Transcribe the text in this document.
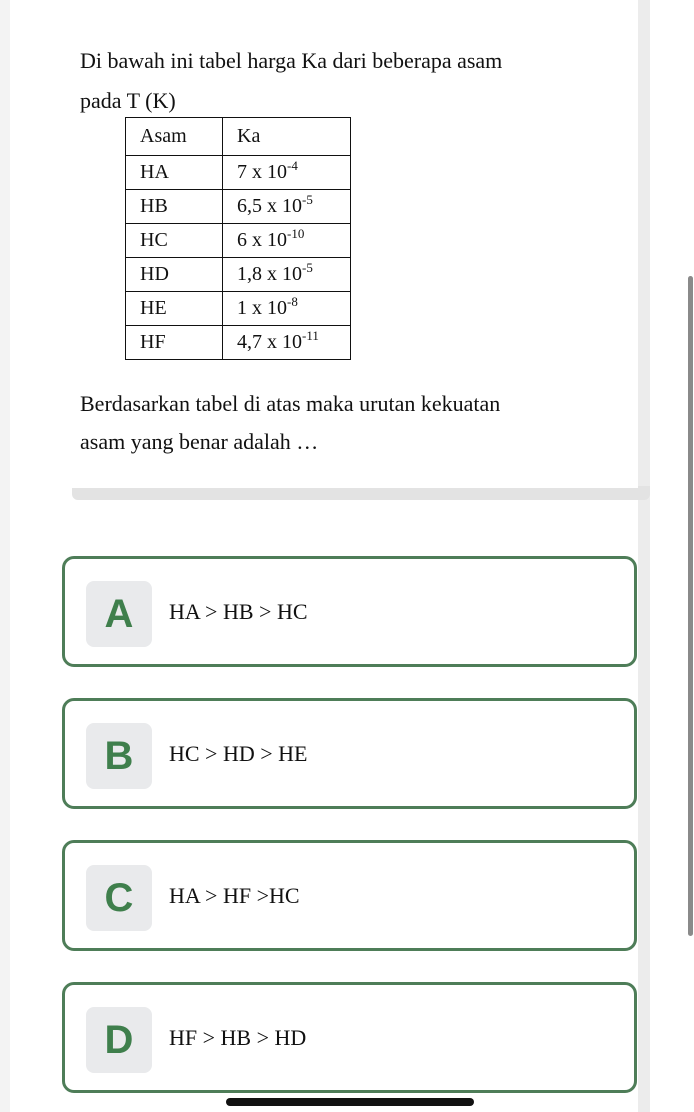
Di bawah ini tabel harga Ka dari beberapa asam
pada T (K)
Asam	Ka
HA	7 x $10^{-4}$
HB	6,5 x $10^{-5}$
HC	6 x $10^{-10}$
HD	1,8 x $10^{-5}$
HE	1 x $10^{-8}$
HF	4,7 x $10^{-11}$
Berdasarkan tabel di atas maka urutan kekuatan
asam yang benar adalah …
A	HA > HB > HC
B	HC > HD > HE
C	HA > HF >HC
D	HF > HB > HD
